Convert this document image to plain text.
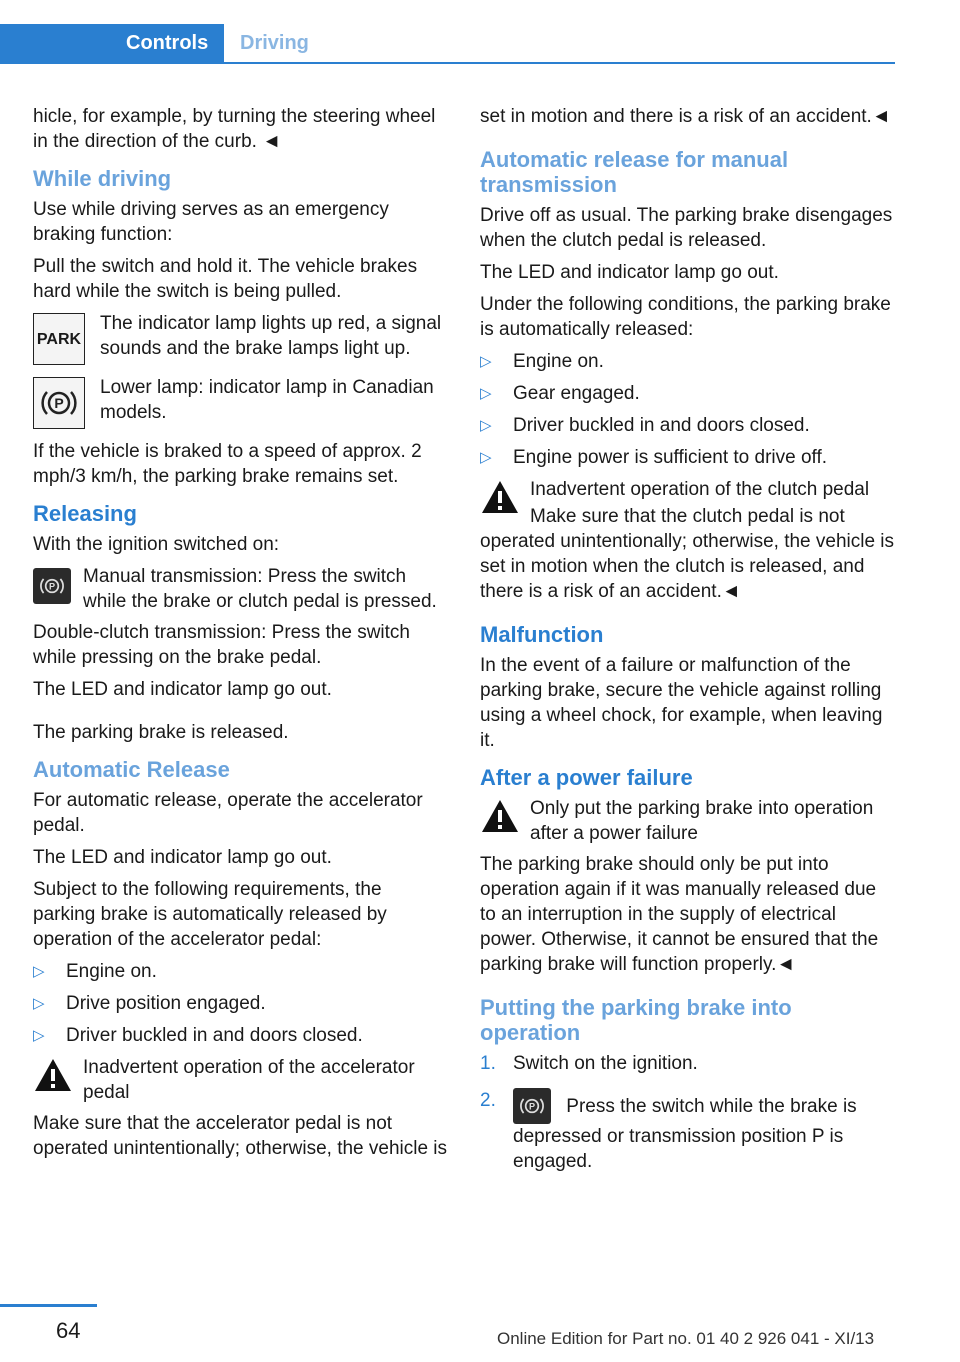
Controls	Driving

hicle, for example, by turning the steering wheel in the direction of the curb. ◄

While driving

Use while driving serves as an emergency braking function:

Pull the switch and hold it. The vehicle brakes hard while the switch is being pulled.

PARK
The indicator lamp lights up red, a signal sounds and the brake lamps light up.
P
Lower lamp: indicator lamp in Canadian models.

If the vehicle is braked to a speed of approx. 2 mph/3 km/h, the parking brake remains set.

Releasing

With the ignition switched on:

P Manual transmission: Press the switch while the brake or clutch pedal is pressed.

Double-clutch transmission: Press the switch while pressing on the brake pedal.

The LED and indicator lamp go out.

The parking brake is released.

Automatic Release

For automatic release, operate the accelerator pedal.

The LED and indicator lamp go out.

Subject to the following requirements, the parking brake is automatically released by operation of the accelerator pedal:

▷ Engine on.
▷ Drive position engaged.
▷ Driver buckled in and doors closed.
Inadvertent operation of the accelerator pedal

Make sure that the accelerator pedal is not operated unintentionally; otherwise, the vehicle is

set in motion and there is a risk of an accident.◄

Automatic release for manual transmission

Drive off as usual. The parking brake disengages when the clutch pedal is released.

The LED and indicator lamp go out.

Under the following conditions, the parking brake is automatically released:

▷ Engine on.
▷ Gear engaged.
▷ Driver buckled in and doors closed.
▷ Engine power is sufficient to drive off.
Inadvertent operation of the clutch pedal

Make sure that the clutch pedal is not operated unintentionally; otherwise, the vehicle is set in motion when the clutch is released, and there is a risk of an accident.◄

Malfunction

In the event of a failure or malfunction of the parking brake, secure the vehicle against rolling using a wheel chock, for example, when leaving it.

After a power failure
Only put the parking brake into operation after a power failure

The parking brake should only be put into operation again if it was manually released due to an interruption in the supply of electrical power. Otherwise, it cannot be ensured that the parking brake will function properly.◄

Putting the parking brake into operation
1. Switch on the ignition.
2.	P Press the switch while the brake is depressed or transmission position P is engaged.
64	Online Edition for Part no. 01 40 2 926 041 - XI/13
